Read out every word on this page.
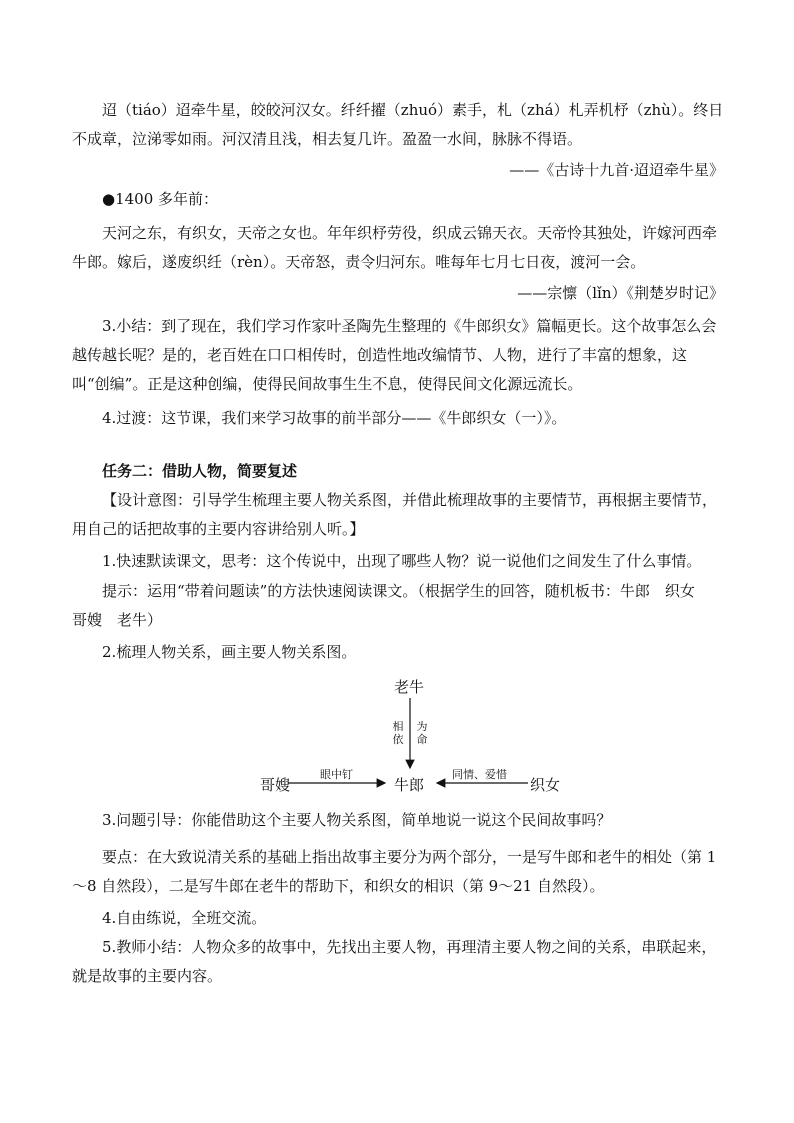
迢（tiáo）迢牵牛星，皎皎河汉女。纤纤擢（zhuó）素手，札（zhá）札弄机杼（zhù）。终日不成章，泣涕零如雨。河汉清且浅，相去复几许。盈盈一水间，脉脉不得语。

——《古诗十九首·迢迢牵牛星》

●1400 多年前：

天河之东，有织女，天帝之女也。年年织杼劳役，织成云锦天衣。天帝怜其独处，许嫁河西牵牛郎。嫁后，遂废织纴（rèn）。天帝怒，责令归河东。唯每年七月七日夜，渡河一会。

——宗懔（lǐn）《荆楚岁时记》

3.小结：到了现在，我们学习作家叶圣陶先生整理的《牛郎织女》篇幅更长。这个故事怎么会越传越长呢？是的，老百姓在口口相传时，创造性地改编情节、人物，进行了丰富的想象，这叫“创编”。正是这种创编，使得民间故事生生不息，使得民间文化源远流长。

4.过渡：这节课，我们来学习故事的前半部分——《牛郎织女（一）》。

任务二：借助人物，简要复述

【设计意图：引导学生梳理主要人物关系图，并借此梳理故事的主要情节，再根据主要情节，用自己的话把故事的主要内容讲给别人听。】

1.快速默读课文，思考：这个传说中，出现了哪些人物？说一说他们之间发生了什么事情。

提示：运用“带着问题读”的方法快速阅读课文。（根据学生的回答，随机板书：牛郎　织女　哥嫂　老牛）

2.梳理人物关系，画主要人物关系图。

老牛
牛郎
哥嫂	织女
相依
为命
眼中钉	同情、爱惜

3.问题引导：你能借助这个主要人物关系图，简单地说一说这个民间故事吗？

要点：在大致说清关系的基础上指出故事主要分为两个部分，一是写牛郎和老牛的相处（第 1～8 自然段），二是写牛郎在老牛的帮助下，和织女的相识（第 9～21 自然段）。

4.自由练说，全班交流。

5.教师小结：人物众多的故事中，先找出主要人物，再理清主要人物之间的关系，串联起来，就是故事的主要内容。
